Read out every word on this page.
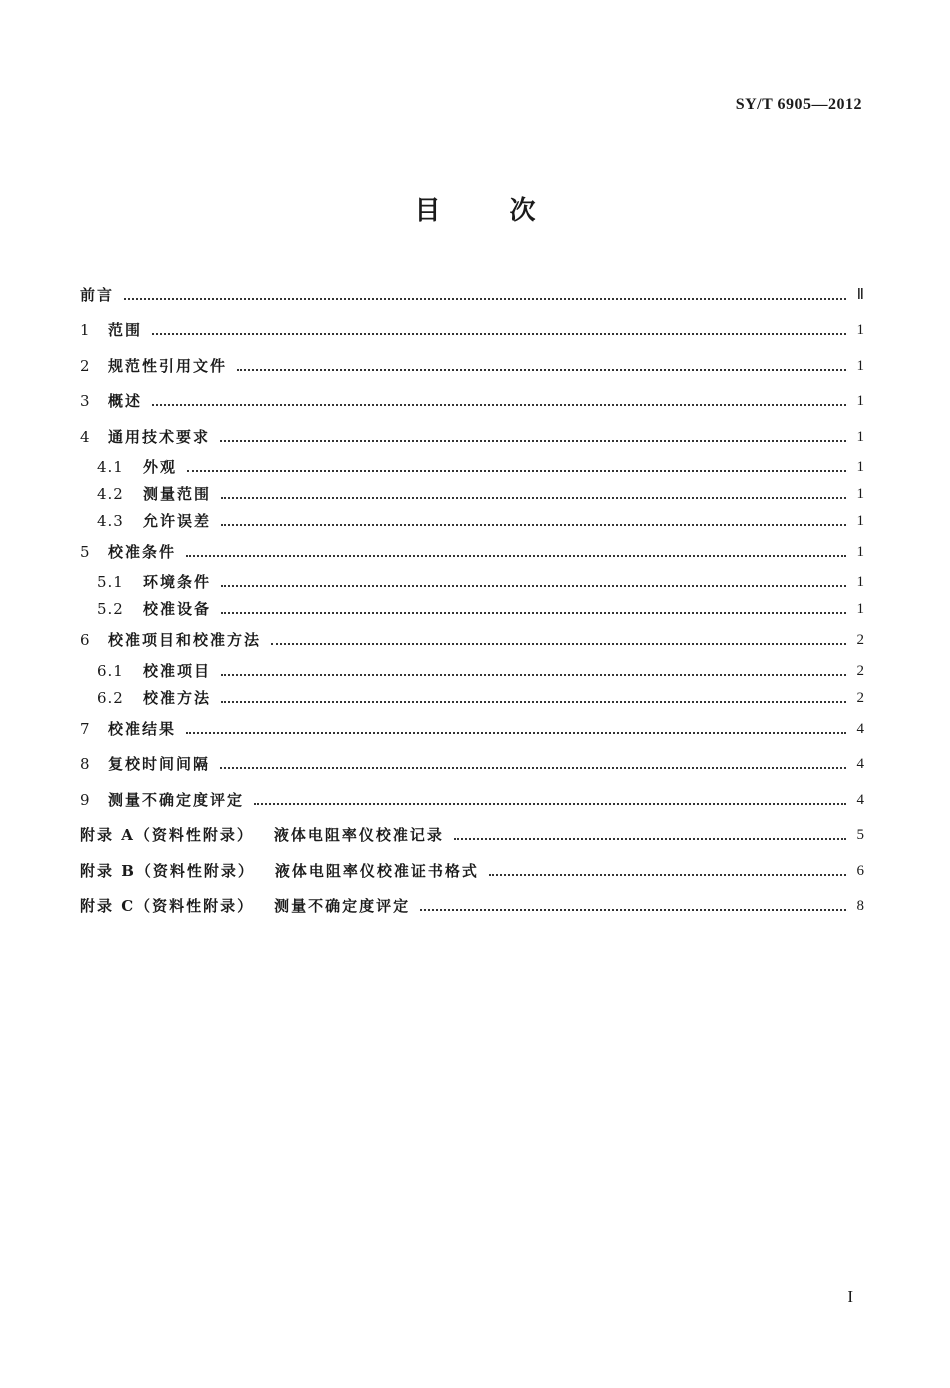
SY/T 6905—2012
目	次
前言	Ⅱ
1	范围	1
2	规范性引用文件	1
3	概述	1
4	通用技术要求	1
4.1	外观	1
4.2	测量范围	1
4.3	允许误差	1
5	校准条件	1
5.1	环境条件	1
5.2	校准设备	1
6	校准项目和校准方法	2
6.1	校准项目	2
6.2	校准方法	2
7	校准结果	4
8	复校时间间隔	4
9	测量不确定度评定	4
附录 A（资料性附录） 液体电阻率仪校准记录	5
附录 B（资料性附录） 液体电阻率仪校准证书格式	6
附录 C（资料性附录） 测量不确定度评定	8
I
